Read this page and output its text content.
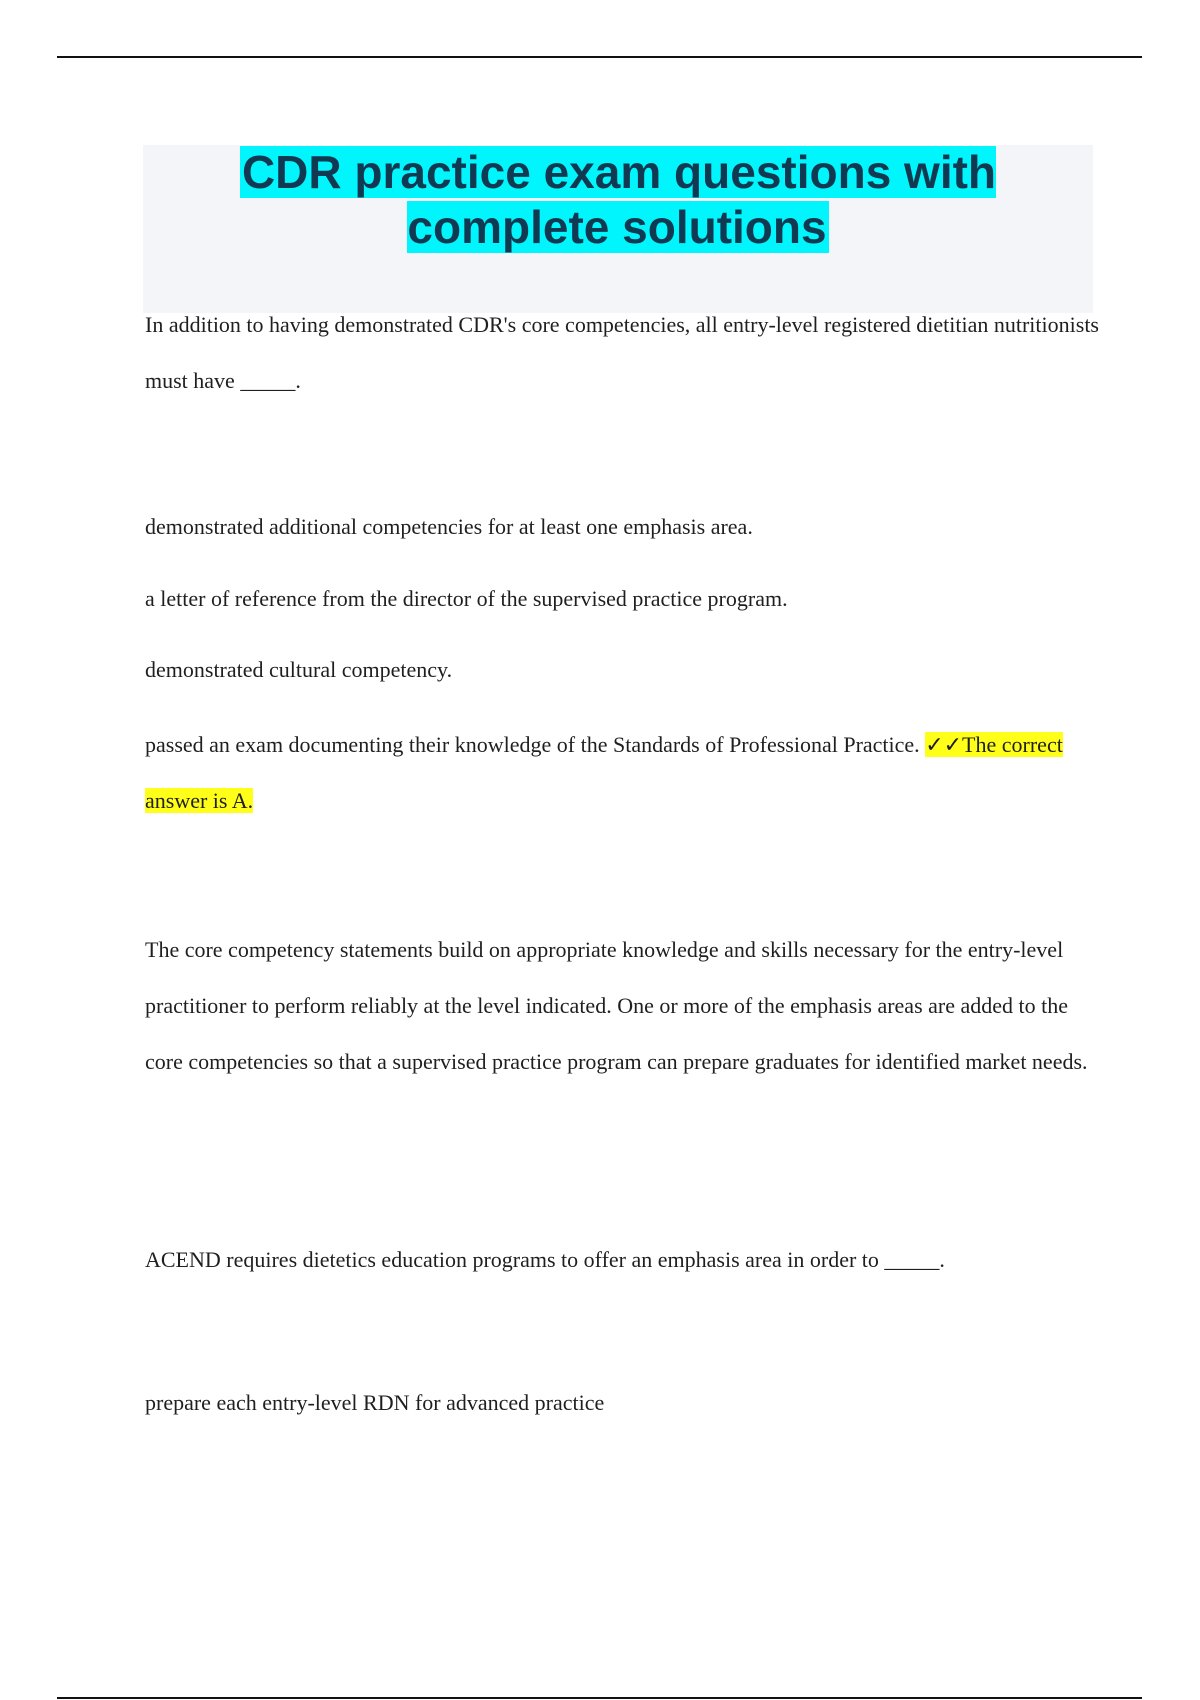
CDR practice exam questions with complete solutions

In addition to having demonstrated CDR's core competencies, all entry-level registered dietitian nutritionists must have _____.

demonstrated additional competencies for at least one emphasis area.

a letter of reference from the director of the supervised practice program.

demonstrated cultural competency.

passed an exam documenting their knowledge of the Standards of Professional Practice. ✓✓The correct answer is A.

The core competency statements build on appropriate knowledge and skills necessary for the entry-level practitioner to perform reliably at the level indicated. One or more of the emphasis areas are added to the core competencies so that a supervised practice program can prepare graduates for identified market needs.

ACEND requires dietetics education programs to offer an emphasis area in order to _____.

prepare each entry-level RDN for advanced practice
